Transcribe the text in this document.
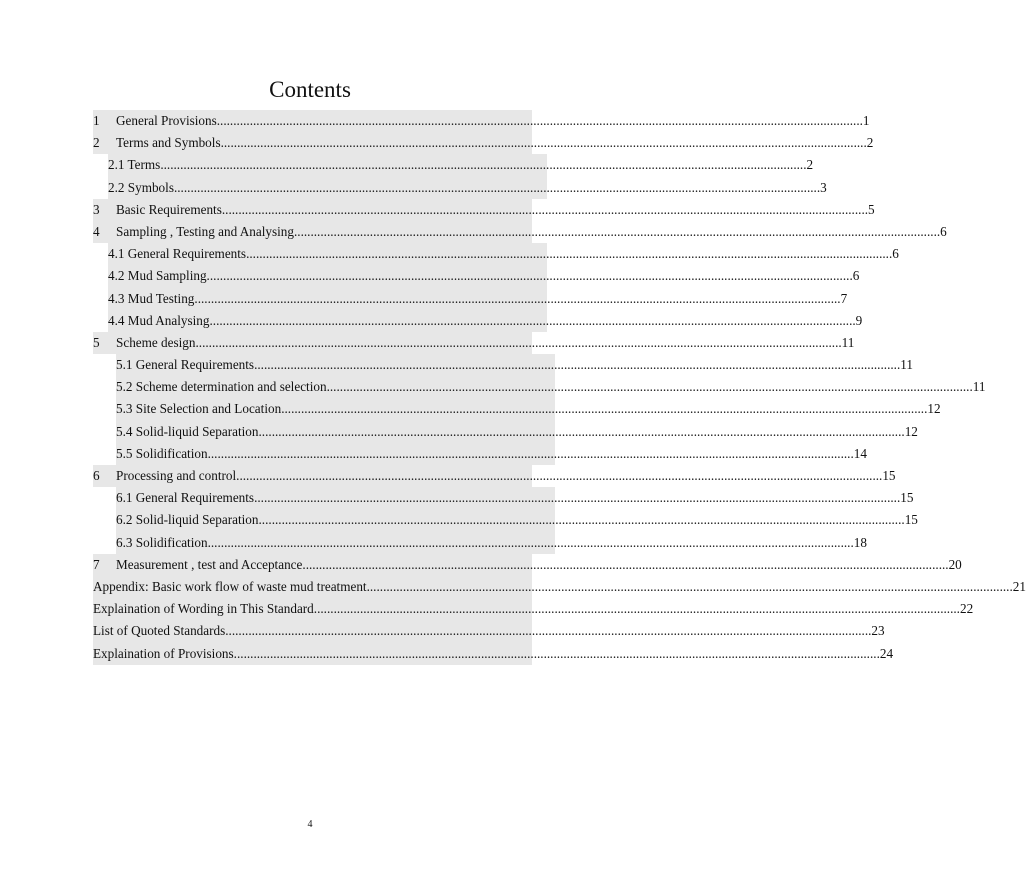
Contents
1	General Provisions .....	1
2	Terms and Symbols .....	2
2.1 Terms .....	2
2.2 Symbols .....	3
3	Basic Requirements .....	5
4	Sampling , Testing and Analysing .....	6
4.1 General Requirements .....	6
4.2 Mud Sampling .....	6
4.3 Mud Testing .....	7
4.4 Mud Analysing .....	9
5	Scheme design .....	11
5.1 General Requirements .....	11
5.2 Scheme determination and selection .....	11
5.3 Site Selection and Location .....	12
5.4 Solid-liquid Separation .....	12
5.5 Solidification .....	14
6	Processing and control .....	15
6.1 General Requirements .....	15
6.2 Solid-liquid Separation .....	15
6.3 Solidification .....	18
7	Measurement , test and Acceptance .....	20
Appendix: Basic work flow of waste mud treatment .....	21
Explaination of Wording in This Standard .....	22
List of Quoted Standards .....	23
Explaination of Provisions .....	24
4
